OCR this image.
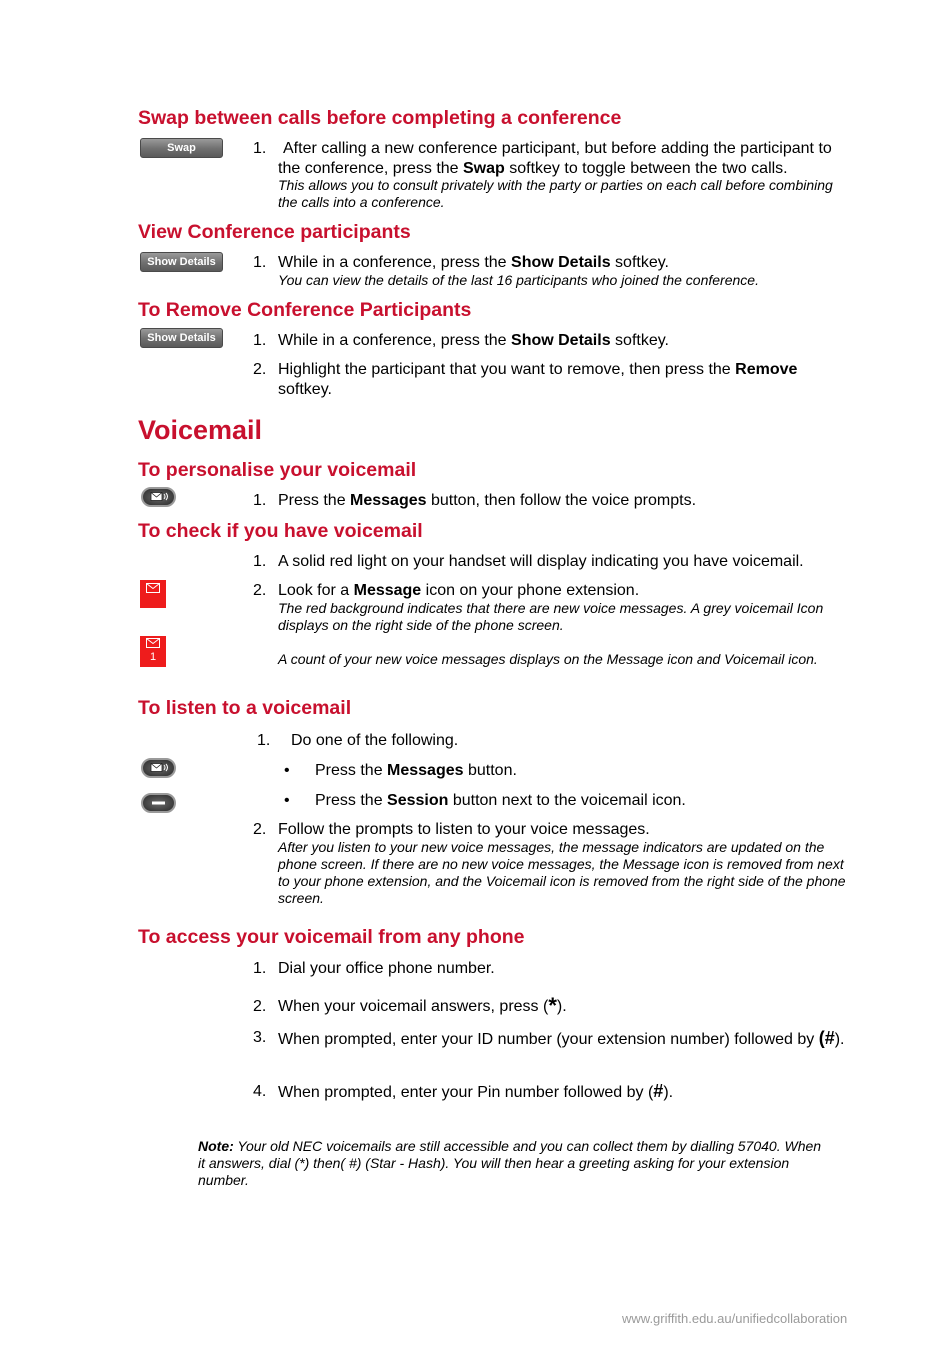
Swap between calls before completing a conference
Swap	1.	After calling a new conference participant, but before adding the participant to the conference, press the Swap softkey to toggle between the two calls.
This allows you to consult privately with the party or parties on each call before combining the calls into a conference.
View Conference participants
Show Details	1. While in a conference, press the Show Details softkey.
You can view the details of the last 16 participants who joined the conference.
To Remove Conference Participants
Show Details	1. While in a conference, press the Show Details softkey.
2. Highlight the participant that you want to remove, then press the Remove softkey.
Voicemail
To personalise your voicemail
1. Press the Messages button, then follow the voice prompts.
To check if you have voicemail
1. A solid red light on your handset will display indicating you have voicemail.
2. Look for a Message icon on your phone extension.
The red background indicates that there are new voice messages. A grey voicemail Icon displays on the right side of the phone screen.
1	A count of your new voice messages displays on the Message icon and Voicemail icon.
To listen to a voicemail
1. Do one of the following.
• Press the Messages button.
• Press the Session button next to the voicemail icon.
2. Follow the prompts to listen to your voice messages.
After you listen to your new voice messages, the message indicators are updated on the phone screen. If there are no new voice messages, the Message icon is removed from next to your phone extension, and the Voicemail icon is removed from the right side of the phone screen.
To access your voicemail from any phone
1. Dial your office phone number.
2. When your voicemail answers, press (*).
3. When prompted, enter your ID number (your extension number) followed by (#).
4. When prompted, enter your Pin number followed by (#).
Note: Your old NEC voicemails are still accessible and you can collect them by dialling 57040. When it answers, dial (*) then( #) (Star - Hash). You will then hear a greeting asking for your extension number.
www.griffith.edu.au/unifiedcollaboration
